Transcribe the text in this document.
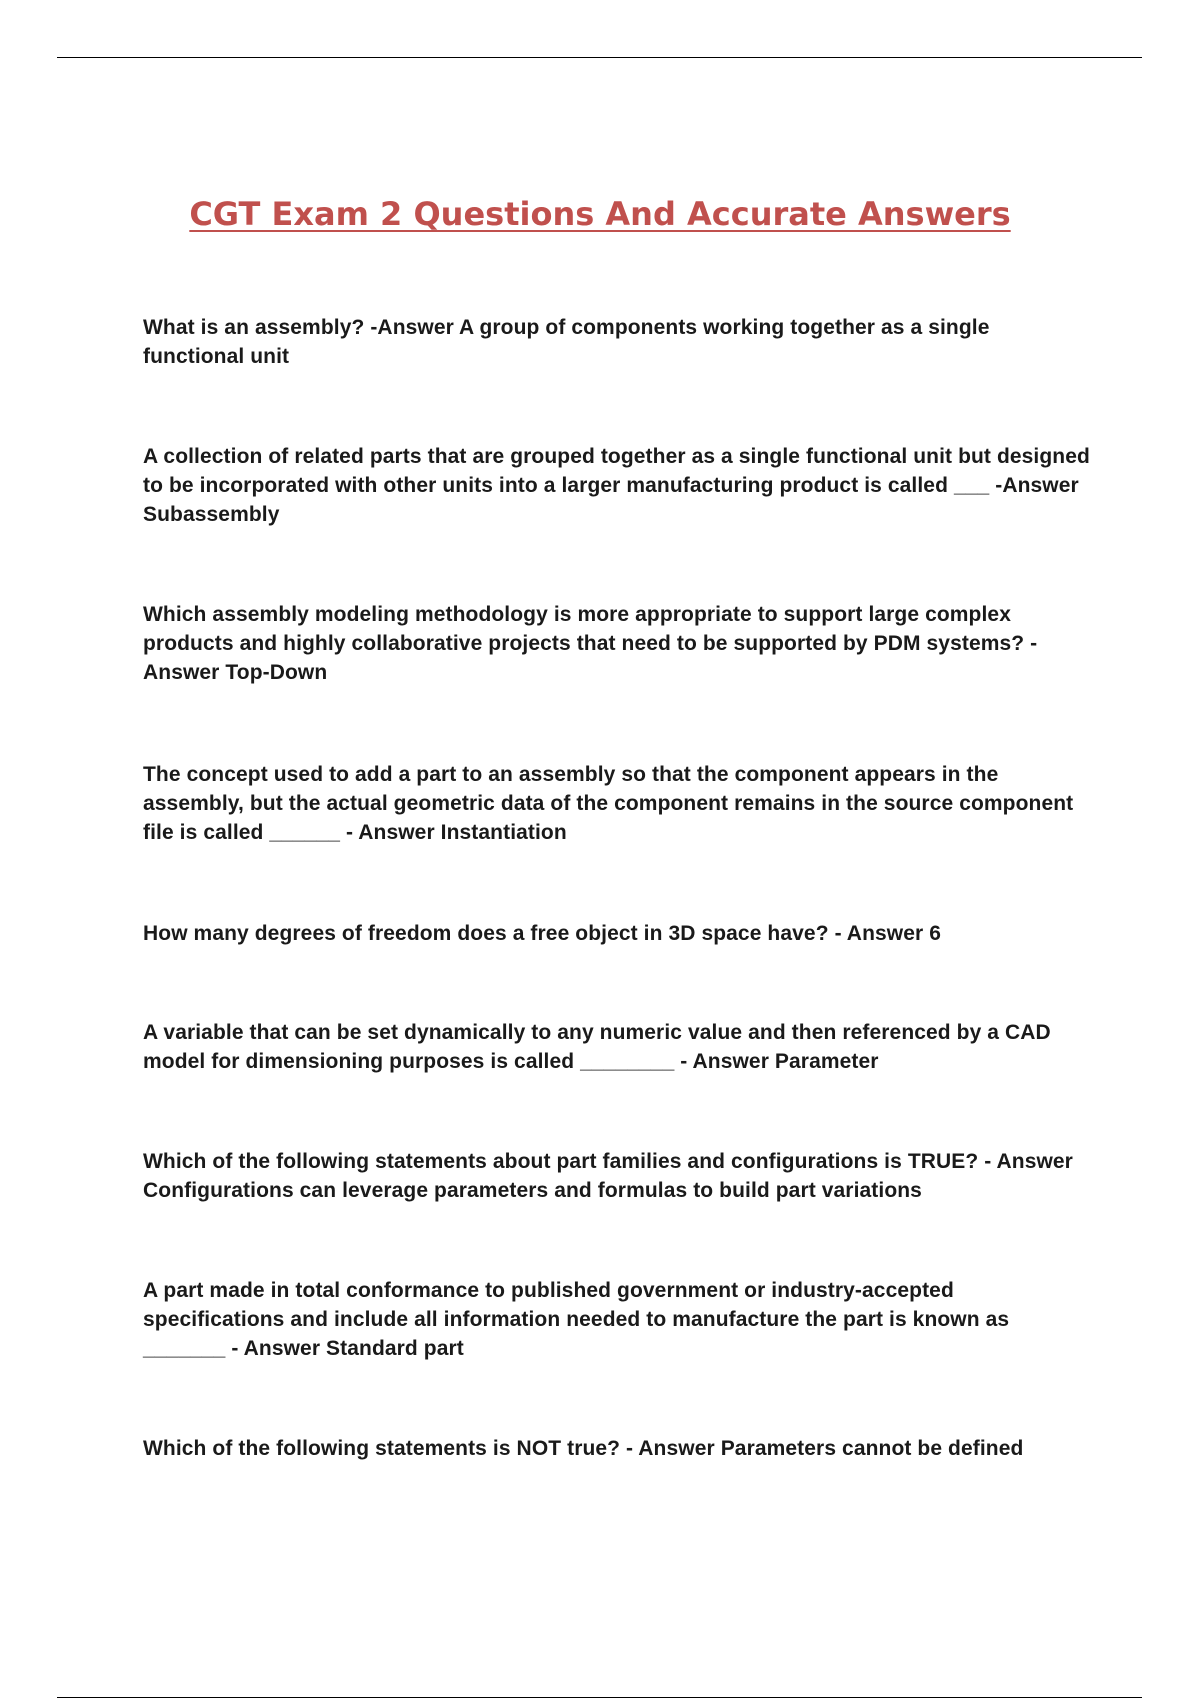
CGT Exam 2 Questions And Accurate Answers

What is an assembly? -Answer A group of components working together as a single functional unit

A collection of related parts that are grouped together as a single functional unit but designed to be incorporated with other units into a larger manufacturing product is called ___ -Answer Subassembly

Which assembly modeling methodology is more appropriate to support large complex products and highly collaborative projects that need to be supported by PDM systems? - Answer Top-Down

The concept used to add a part to an assembly so that the component appears in the assembly, but the actual geometric data of the component remains in the source component file is called ______ - Answer Instantiation

How many degrees of freedom does a free object in 3D space have? - Answer 6

A variable that can be set dynamically to any numeric value and then referenced by a CAD model for dimensioning purposes is called ________ - Answer Parameter

Which of the following statements about part families and configurations is TRUE? - Answer Configurations can leverage parameters and formulas to build part variations

A part made in total conformance to published government or industry-accepted specifications and include all information needed to manufacture the part is known as _______ - Answer Standard part

Which of the following statements is NOT true? - Answer Parameters cannot be defined
